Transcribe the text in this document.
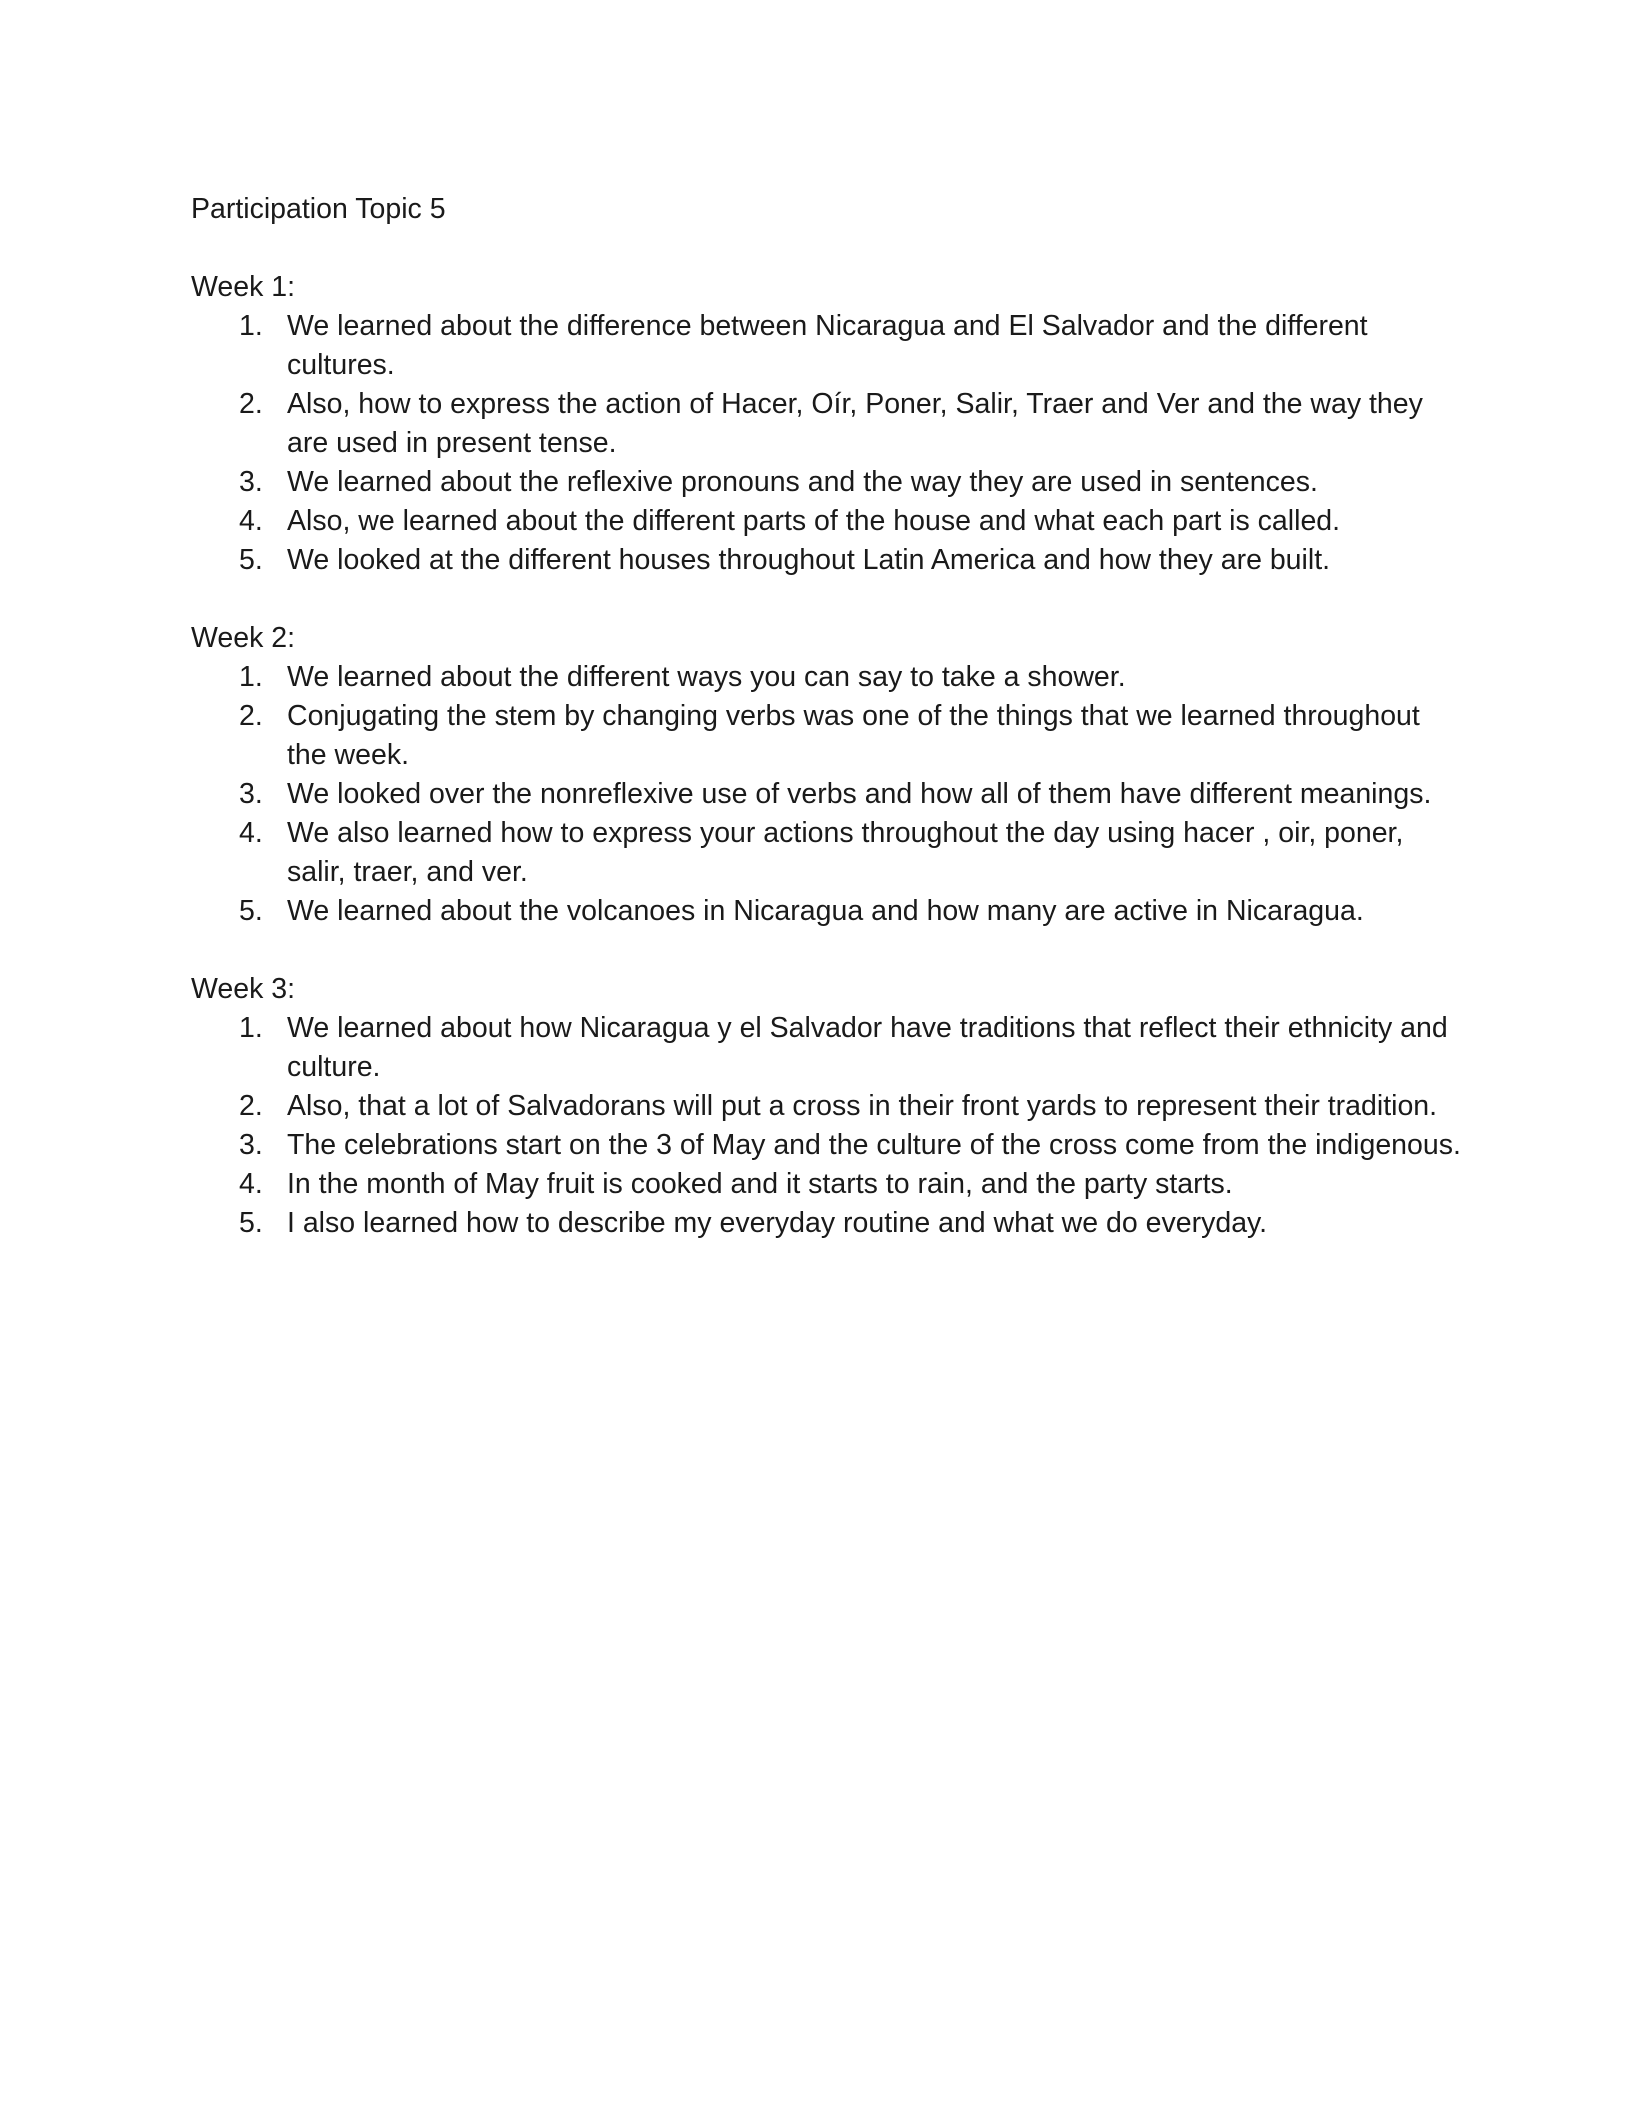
Participation Topic 5
Week 1:
1. We learned about the difference between Nicaragua and El Salvador and the different cultures.
2. Also, how to express the action of Hacer, Oír, Poner, Salir, Traer and Ver and the way they are used in present tense.
3. We learned about the reflexive pronouns and the way they are used in sentences.
4. Also, we learned about the different parts of the house and what each part is called.
5. We looked at the different houses throughout Latin America and how they are built.
Week 2:
1. We learned about the different ways you can say to take a shower.
2. Conjugating the stem by changing verbs was one of the things that we learned throughout the week.
3. We looked over the nonreflexive use of verbs and how all of them have different meanings.
4. We also learned how to express your actions throughout the day using hacer , oir, poner, salir, traer, and ver.
5. We learned about the volcanoes in Nicaragua and how many are active in Nicaragua.
Week 3:
1. We learned about how Nicaragua y el Salvador have traditions that reflect their ethnicity and culture.
2. Also, that a lot of Salvadorans will put a cross in their front yards to represent their tradition.
3. The celebrations start on the 3 of May and the culture of the cross come from the indigenous.
4. In the month of May fruit is cooked and it starts to rain, and the party starts.
5. I also learned how to describe my everyday routine and what we do everyday.
